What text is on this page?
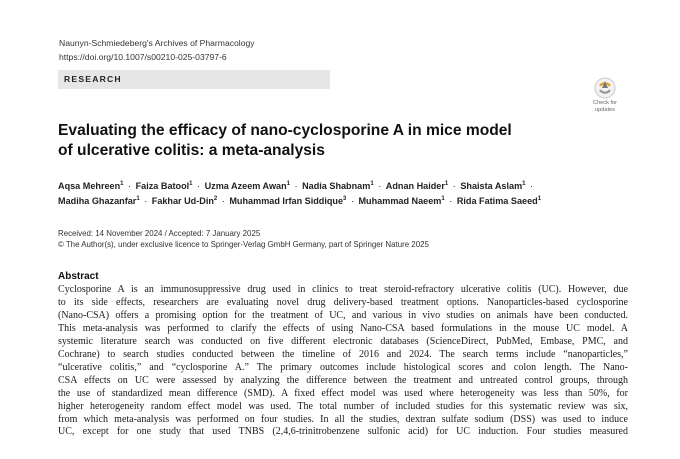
Naunyn-Schmiedeberg's Archives of Pharmacology
https://doi.org/10.1007/s00210-025-03797-6
RESEARCH
Check for
updates
Evaluating the efficacy of nano-cyclosporine A in mice model
of ulcerative colitis: a meta-analysis
Aqsa Mehreen$^1$ · Faiza Batool$^1$ · Uzma Azeem Awan$^1$ · Nadia Shabnam$^1$ · Adnan Haider$^1$ · Shaista Aslam$^1$ ·
Madiha Ghazanfar$^1$ · Fakhar Ud-Din$^2$ · Muhammad Irfan Siddique$^3$ · Muhammad Naeem$^1$ · Rida Fatima Saeed$^1$
Received: 14 November 2024 / Accepted: 7 January 2025
© The Author(s), under exclusive licence to Springer-Verlag GmbH Germany, part of Springer Nature 2025
Abstract
Cyclosporine A is an immunosuppressive drug used in clinics to treat steroid-refractory ulcerative colitis (UC). However, due
to its side effects, researchers are evaluating novel drug delivery-based treatment options. Nanoparticles-based cyclosporine
(Nano-CSA) offers a promising option for the treatment of UC, and various in vivo studies on animals have been conducted.
This meta-analysis was performed to clarify the effects of using Nano-CSA based formulations in the mouse UC model. A
systemic literature search was conducted on five different electronic databases (ScienceDirect, PubMed, Embase, PMC, and
Cochrane) to search studies conducted between the timeline of 2016 and 2024. The search terms include “nanoparticles,”
“ulcerative colitis,” and “cyclosporine A.” The primary outcomes include histological scores and colon length. The Nano-
CSA effects on UC were assessed by analyzing the difference between the treatment and untreated control groups, through
the use of standardized mean difference (SMD). A fixed effect model was used where heterogeneity was less than 50%, for
higher heterogeneity random effect model was used. The total number of included studies for this systematic review was six,
from which meta-analysis was performed on four studies. In all the studies, dextran sulfate sodium (DSS) was used to induce
UC, except for one study that used TNBS (2,4,6-trinitrobenzene sulfonic acid) for UC induction. Four studies measured
